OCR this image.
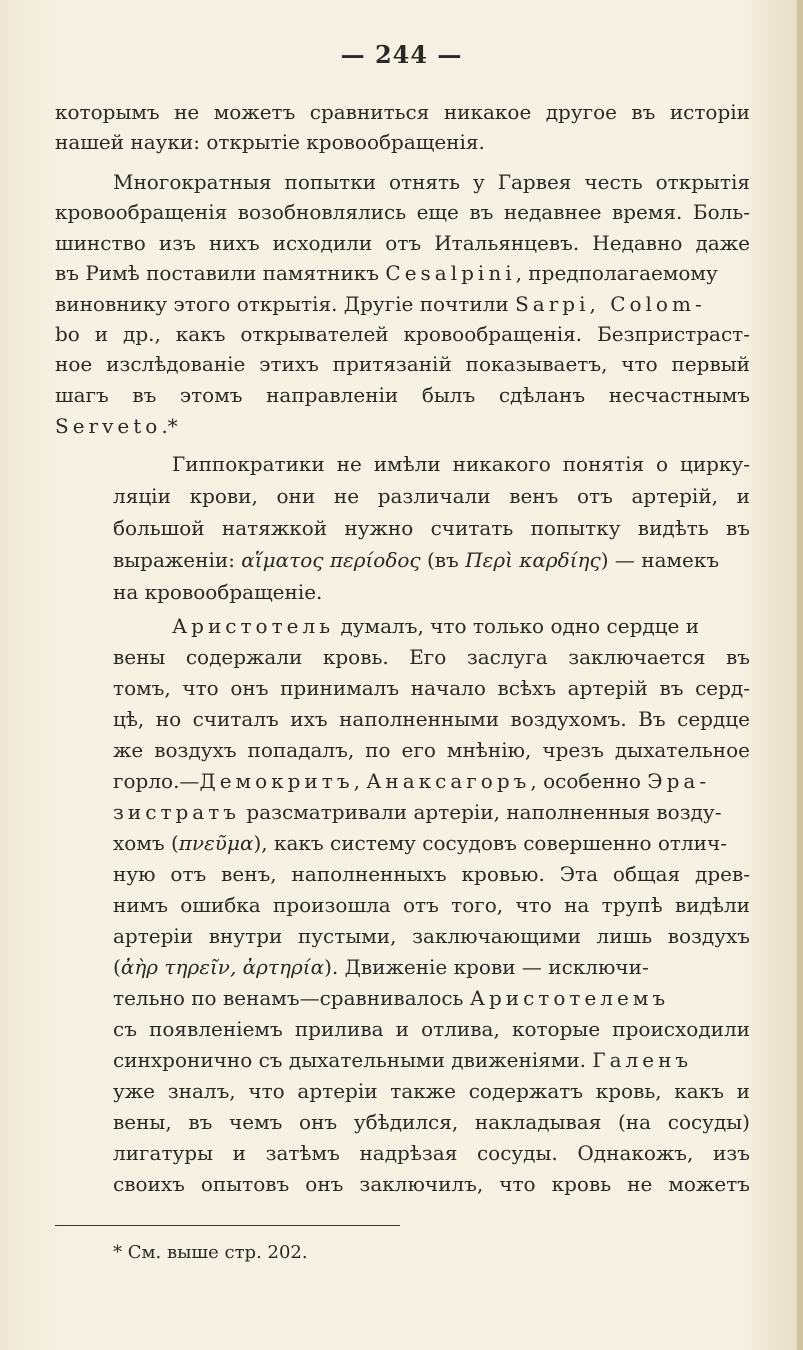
— 244 —
которымъ не можетъ сравниться никакое другое въ исторіи
нашей науки: открытіе кровообращенія.
Многократныя попытки отнять у Гарвея честь открытія
кровообращенія возобновлялись еще въ недавнее время. Боль-
шинство изъ нихъ исходили отъ Итальянцевъ. Недавно даже
въ Римѣ поставили памятникъ Cesalpini, предполагаемому
виновнику этого открытія. Другіе почтили Sarpi, Colom-
bo и др., какъ открывателей кровообращенія. Безпристраст-
ное изслѣдованіе этихъ притязаній показываетъ, что первый
шагъ въ этомъ направленіи былъ сдѣланъ несчастнымъ
Serveto.*
Гиппократики не имѣли никакого понятія о цирку-
ляціи крови, они не различали венъ отъ артерій, и
большой натяжкой нужно считать попытку видѣть въ
выраженіи: αἵματος περίοδος (въ Περὶ καρδίης) — намекъ
на кровообращеніе.
Аристотель думалъ, что только одно сердце и
вены содержали кровь. Его заслуга заключается въ
томъ, что онъ принималъ начало всѣхъ артерій въ серд-
цѣ, но считалъ ихъ наполненными воздухомъ. Въ сердце
же воздухъ попадалъ, по его мнѣнію, чрезъ дыхательное
горло.—Демокритъ, Анаксагоръ, особенно Эра-
зистратъ разсматривали артеріи, наполненныя возду-
хомъ (πνεῦμα), какъ систему сосудовъ совершенно отлич-
ную отъ венъ, наполненныхъ кровью. Эта общая древ-
нимъ ошибка произошла отъ того, что на трупѣ видѣли
артеріи внутри пустыми, заключающими лишь воздухъ
(ἀὴρ τηρεῖν, ἀρτηρία). Движеніе крови — исключи-
тельно по венамъ—сравнивалось Аристотелемъ
съ появленіемъ прилива и отлива, которые происходили
синхронично съ дыхательными движеніями. Галенъ
уже зналъ, что артеріи также содержатъ кровь, какъ и
вены, въ чемъ онъ убѣдился, накладывая (на сосуды)
лигатуры и затѣмъ надрѣзая сосуды. Однакожъ, изъ
своихъ опытовъ онъ заключилъ, что кровь не можетъ
* См. выше стр. 202.
